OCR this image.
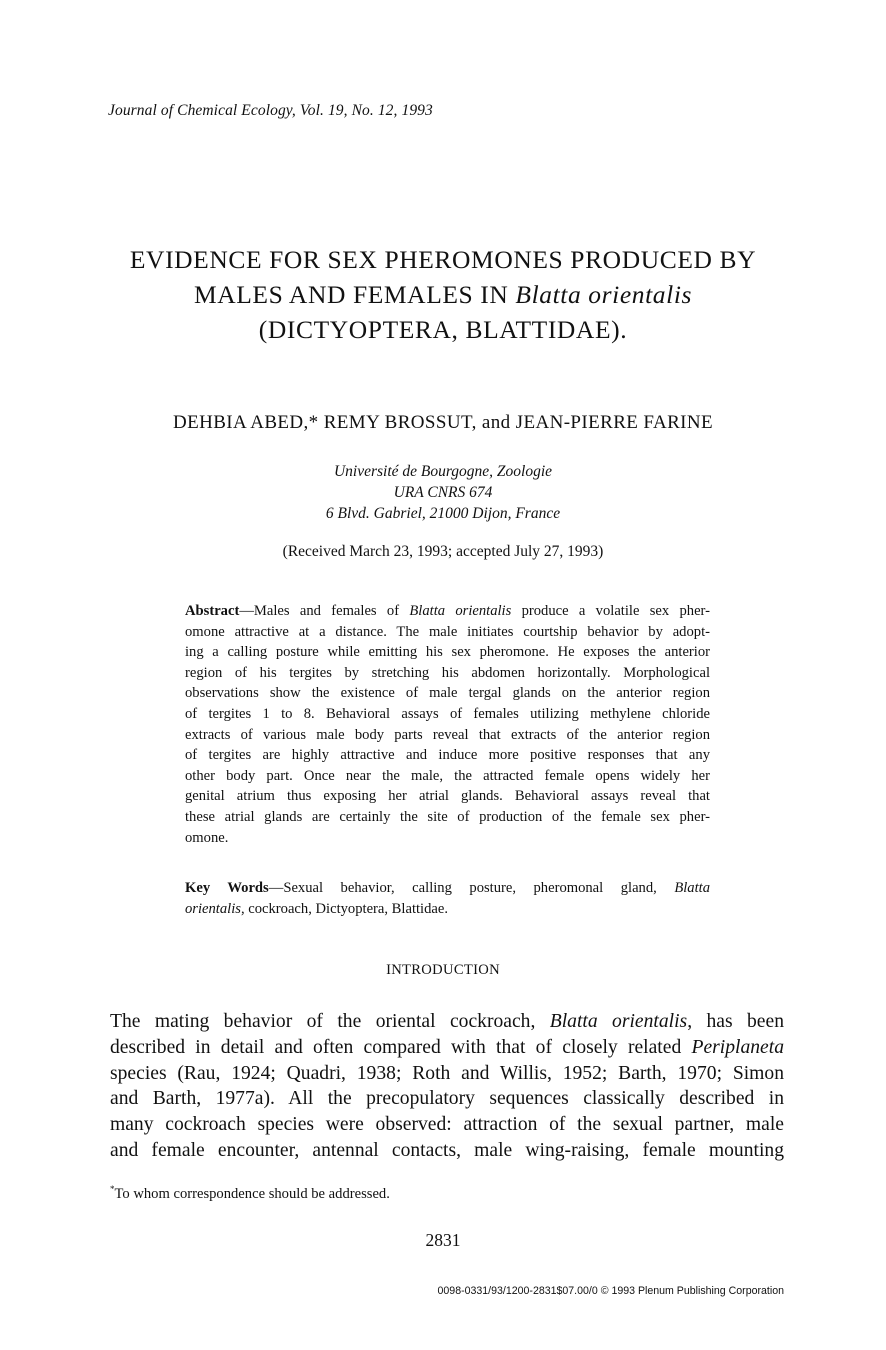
Journal of Chemical Ecology, Vol. 19, No. 12, 1993
EVIDENCE FOR SEX PHEROMONES PRODUCED BY
MALES AND FEMALES IN Blatta orientalis
(DICTYOPTERA, BLATTIDAE).
DEHBIA ABED,* REMY BROSSUT, and JEAN-PIERRE FARINE
Université de Bourgogne, Zoologie
URA CNRS 674
6 Blvd. Gabriel, 21000 Dijon, France
(Received March 23, 1993; accepted July 27, 1993)
Abstract—Males and females of Blatta orientalis produce a volatile sex pher-
omone attractive at a distance. The male initiates courtship behavior by adopt-
ing a calling posture while emitting his sex pheromone. He exposes the anterior
region of his tergites by stretching his abdomen horizontally. Morphological
observations show the existence of male tergal glands on the anterior region
of tergites 1 to 8. Behavioral assays of females utilizing methylene chloride
extracts of various male body parts reveal that extracts of the anterior region
of tergites are highly attractive and induce more positive responses that any
other body part. Once near the male, the attracted female opens widely her
genital atrium thus exposing her atrial glands. Behavioral assays reveal that
these atrial glands are certainly the site of production of the female sex pher-
omone.
Key Words—Sexual behavior, calling posture, pheromonal gland, Blatta
orientalis, cockroach, Dictyoptera, Blattidae.
INTRODUCTION
The mating behavior of the oriental cockroach, Blatta orientalis, has been
described in detail and often compared with that of closely related Periplaneta
species (Rau, 1924; Quadri, 1938; Roth and Willis, 1952; Barth, 1970; Simon
and Barth, 1977a). All the precopulatory sequences classically described in
many cockroach species were observed: attraction of the sexual partner, male
and female encounter, antennal contacts, male wing-raising, female mounting
*To whom correspondence should be addressed.
2831
0098-0331/93/1200-2831$07.00/0 © 1993 Plenum Publishing Corporation
